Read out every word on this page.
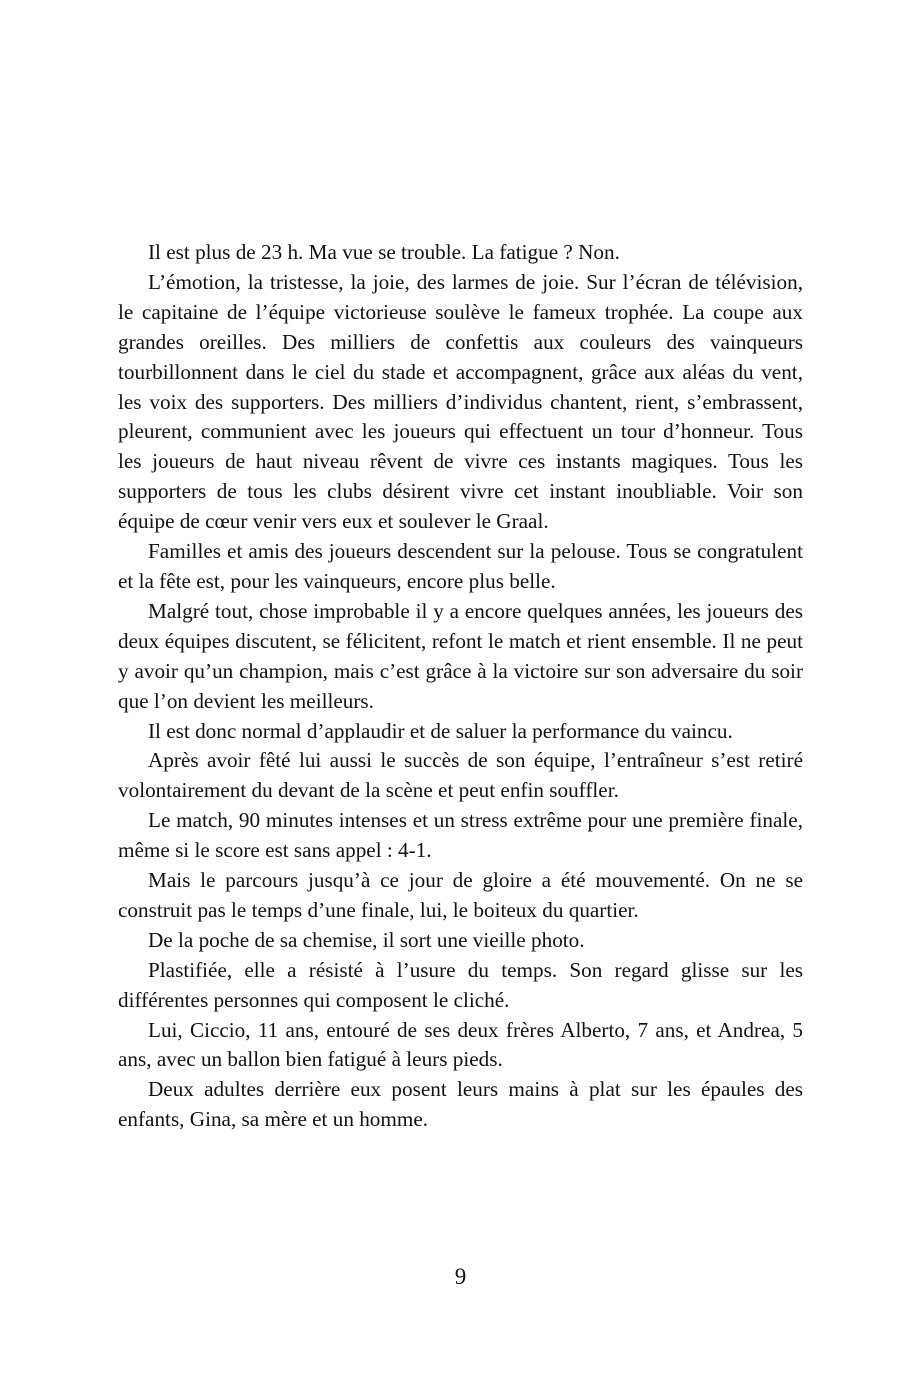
Il est plus de 23 h. Ma vue se trouble. La fatigue ? Non.

L’émotion, la tristesse, la joie, des larmes de joie. Sur l’écran de télévision, le capitaine de l’équipe victorieuse soulève le fameux trophée. La coupe aux grandes oreilles. Des milliers de confettis aux couleurs des vainqueurs tourbillonnent dans le ciel du stade et accompagnent, grâce aux aléas du vent, les voix des supporters. Des milliers d’individus chantent, rient, s’embrassent, pleurent, communient avec les joueurs qui effectuent un tour d’honneur. Tous les joueurs de haut niveau rêvent de vivre ces instants magiques. Tous les supporters de tous les clubs désirent vivre cet instant inoubliable. Voir son équipe de cœur venir vers eux et soulever le Graal.

Familles et amis des joueurs descendent sur la pelouse. Tous se congratulent et la fête est, pour les vainqueurs, encore plus belle.

Malgré tout, chose improbable il y a encore quelques années, les joueurs des deux équipes discutent, se félicitent, refont le match et rient ensemble. Il ne peut y avoir qu’un champion, mais c’est grâce à la victoire sur son adversaire du soir que l’on devient les meilleurs.

Il est donc normal d’applaudir et de saluer la performance du vaincu.

Après avoir fêté lui aussi le succès de son équipe, l’entraîneur s’est retiré volontairement du devant de la scène et peut enfin souffler.

Le match, 90 minutes intenses et un stress extrême pour une première finale, même si le score est sans appel : 4-1.

Mais le parcours jusqu’à ce jour de gloire a été mouvementé. On ne se construit pas le temps d’une finale, lui, le boiteux du quartier.

De la poche de sa chemise, il sort une vieille photo.

Plastifiée, elle a résisté à l’usure du temps. Son regard glisse sur les différentes personnes qui composent le cliché.

Lui, Ciccio, 11 ans, entouré de ses deux frères Alberto, 7 ans, et Andrea, 5 ans, avec un ballon bien fatigué à leurs pieds.

Deux adultes derrière eux posent leurs mains à plat sur les épaules des enfants, Gina, sa mère et un homme.

9
